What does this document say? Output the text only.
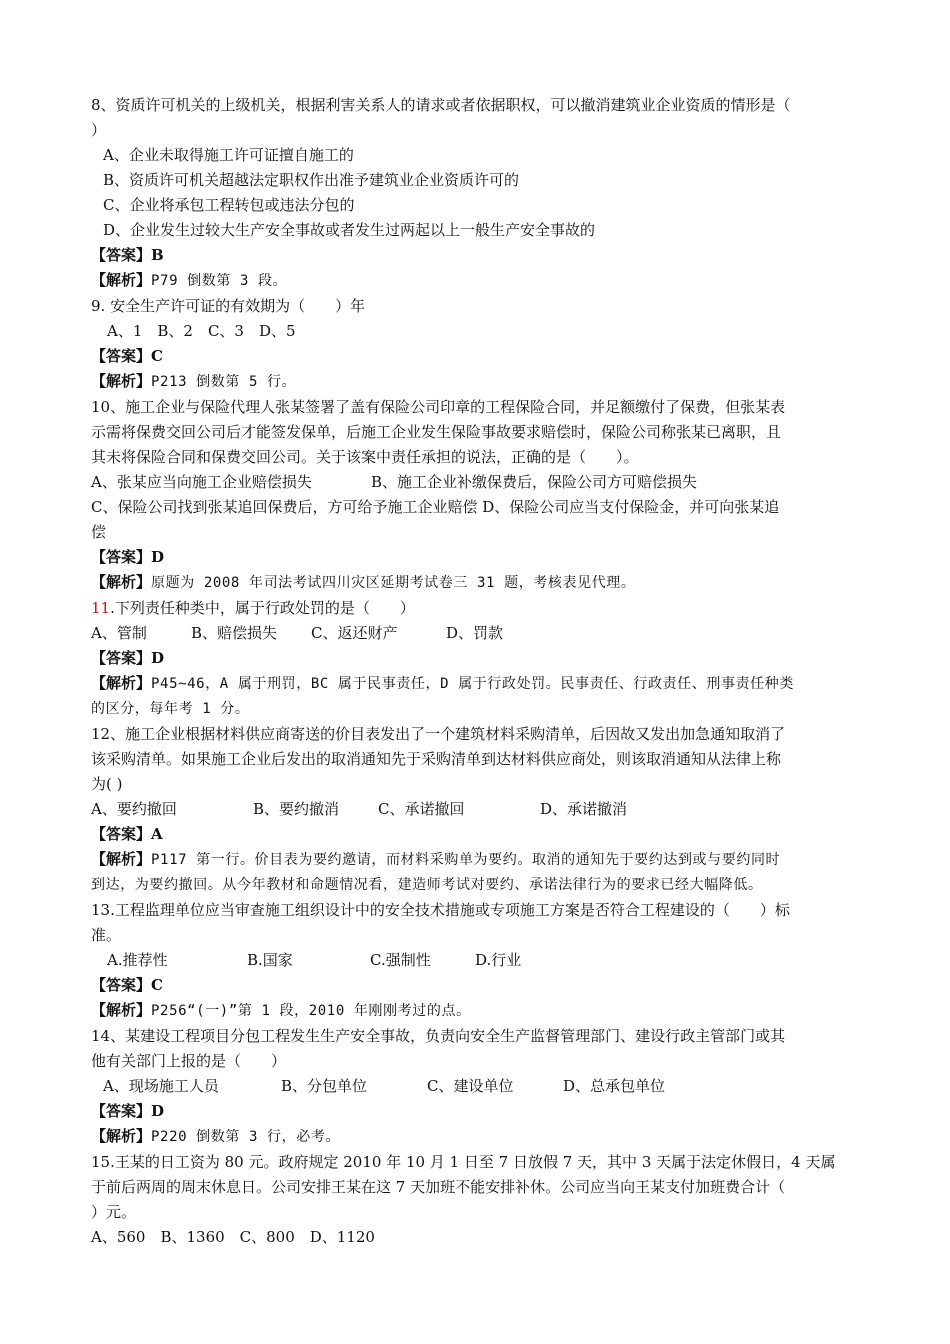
8、资质许可机关的上级机关，根据利害关系人的请求或者依据职权，可以撤消建筑业企业资质的情形是（
）
A、企业未取得施工许可证擅自施工的
B、资质许可机关超越法定职权作出准予建筑业企业资质许可的
C、企业将承包工程转包或违法分包的
D、企业发生过较大生产安全事故或者发生过两起以上一般生产安全事故的
【答案】B
【解析】P79 倒数第 3 段。
9. 安全生产许可证的有效期为（　　）年
A、1　B、2　C、3　D、5
【答案】C
【解析】P213 倒数第 5 行。
10、施工企业与保险代理人张某签署了盖有保险公司印章的工程保险合同，并足额缴付了保费，但张某表
示需将保费交回公司后才能签发保单，后施工企业发生保险事故要求赔偿时，保险公司称张某已离职，且
其未将保险合同和保费交回公司。关于该案中责任承担的说法，正确的是（　　）。
A、张某应当向施工企业赔偿损失	B、施工企业补缴保费后，保险公司方可赔偿损失
C、保险公司找到张某追回保费后，方可给予施工企业赔偿 D、保险公司应当支付保险金，并可向张某追
偿
【答案】D
【解析】原题为 2008 年司法考试四川灾区延期考试卷三 31 题，考核表见代理。
11.下列责任种类中，属于行政处罚的是（　　）
A、管制	B、赔偿损失 C、返还财产	D、罚款
【答案】D
【解析】P45~46，A 属于刑罚，BC 属于民事责任，D 属于行政处罚。民事责任、行政责任、刑事责任种类
的区分，每年考 1 分。
12、施工企业根据材料供应商寄送的价目表发出了一个建筑材料采购清单，后因故又发出加急通知取消了
该采购清单。如果施工企业后发出的取消通知先于采购清单到达材料供应商处，则该取消通知从法律上称
为( )
A、要约撤回	B、要约撤消	C、承诺撤回	D、承诺撤消
【答案】A
【解析】P117 第一行。价目表为要约邀请，而材料采购单为要约。取消的通知先于要约达到或与要约同时
到达，为要约撤回。从今年教材和命题情况看，建造师考试对要约、承诺法律行为的要求已经大幅降低。
13.工程监理单位应当审查施工组织设计中的安全技术措施或专项施工方案是否符合工程建设的（　　）标
准。
A.推荐性	B.国家	C.强制性	D.行业
【答案】C
【解析】P256“(一)”第 1 段，2010 年刚刚考过的点。
14、某建设工程项目分包工程发生生产安全事故，负责向安全生产监督管理部门、建设行政主管部门或其
他有关部门上报的是（　　）
A、现场施工人员	B、分包单位	C、建设单位	D、总承包单位
【答案】D
【解析】P220 倒数第 3 行，必考。
15.王某的日工资为 80 元。政府规定 2010 年 10 月 1 日至 7 日放假 7 天，其中 3 天属于法定休假日，4 天属
于前后两周的周末休息日。公司安排王某在这 7 天加班不能安排补休。公司应当向王某支付加班费合计（
）元。
A、560　B、1360　C、800　D、1120
